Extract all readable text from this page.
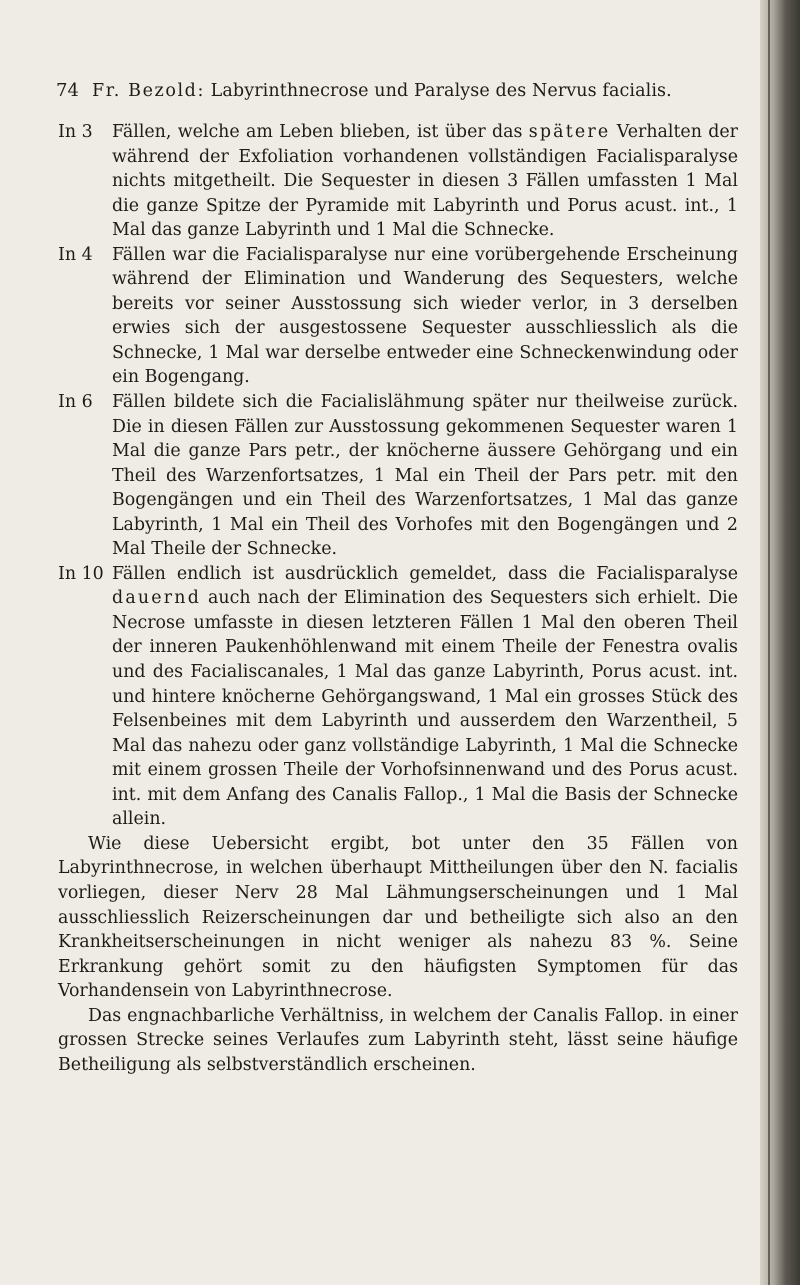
74 Fr. Bezold: Labyrinthnecrose und Paralyse des Nervus facialis.
In 3 Fällen, welche am Leben blieben, ist über das spätere Verhalten der während der Exfoliation vorhandenen vollständigen Facialisparalyse nichts mitgetheilt. Die Sequester in diesen 3 Fällen umfassten 1 Mal die ganze Spitze der Pyramide mit Labyrinth und Porus acust. int., 1 Mal das ganze Labyrinth und 1 Mal die Schnecke.

In 4 Fällen war die Facialisparalyse nur eine vorübergehende Erscheinung während der Elimination und Wanderung des Sequesters, welche bereits vor seiner Ausstossung sich wieder verlor, in 3 derselben erwies sich der ausgestossene Sequester ausschliesslich als die Schnecke, 1 Mal war derselbe entweder eine Schneckenwindung oder ein Bogengang.

In 6 Fällen bildete sich die Facialislähmung später nur theilweise zurück. Die in diesen Fällen zur Ausstossung gekommenen Sequester waren 1 Mal die ganze Pars petr., der knöcherne äussere Gehörgang und ein Theil des Warzenfortsatzes, 1 Mal ein Theil der Pars petr. mit den Bogengängen und ein Theil des Warzenfortsatzes, 1 Mal das ganze Labyrinth, 1 Mal ein Theil des Vorhofes mit den Bogengängen und 2 Mal Theile der Schnecke.

In 10 Fällen endlich ist ausdrücklich gemeldet, dass die Facialisparalyse dauernd auch nach der Elimination des Sequesters sich erhielt. Die Necrose umfasste in diesen letzteren Fällen 1 Mal den oberen Theil der inneren Paukenhöhlenwand mit einem Theile der Fenestra ovalis und des Facialiscanales, 1 Mal das ganze Labyrinth, Porus acust. int. und hintere knöcherne Gehörgangswand, 1 Mal ein grosses Stück des Felsenbeines mit dem Labyrinth und ausserdem den Warzentheil, 5 Mal das nahezu oder ganz vollständige Labyrinth, 1 Mal die Schnecke mit einem grossen Theile der Vorhofsinnenwand und des Porus acust. int. mit dem Anfang des Canalis Fallop., 1 Mal die Basis der Schnecke allein.

Wie diese Uebersicht ergibt, bot unter den 35 Fällen von Labyrinthnecrose, in welchen überhaupt Mittheilungen über den N. facialis vorliegen, dieser Nerv 28 Mal Lähmungserscheinungen und 1 Mal ausschliesslich Reizerscheinungen dar und betheiligte sich also an den Krankheitserscheinungen in nicht weniger als nahezu 83 %. Seine Erkrankung gehört somit zu den häufigsten Symptomen für das Vorhandensein von Labyrinthnecrose.

Das engnachbarliche Verhältniss, in welchem der Canalis Fallop. in einer grossen Strecke seines Verlaufes zum Labyrinth steht, lässt seine häufige Betheiligung als selbstverständlich erscheinen.
